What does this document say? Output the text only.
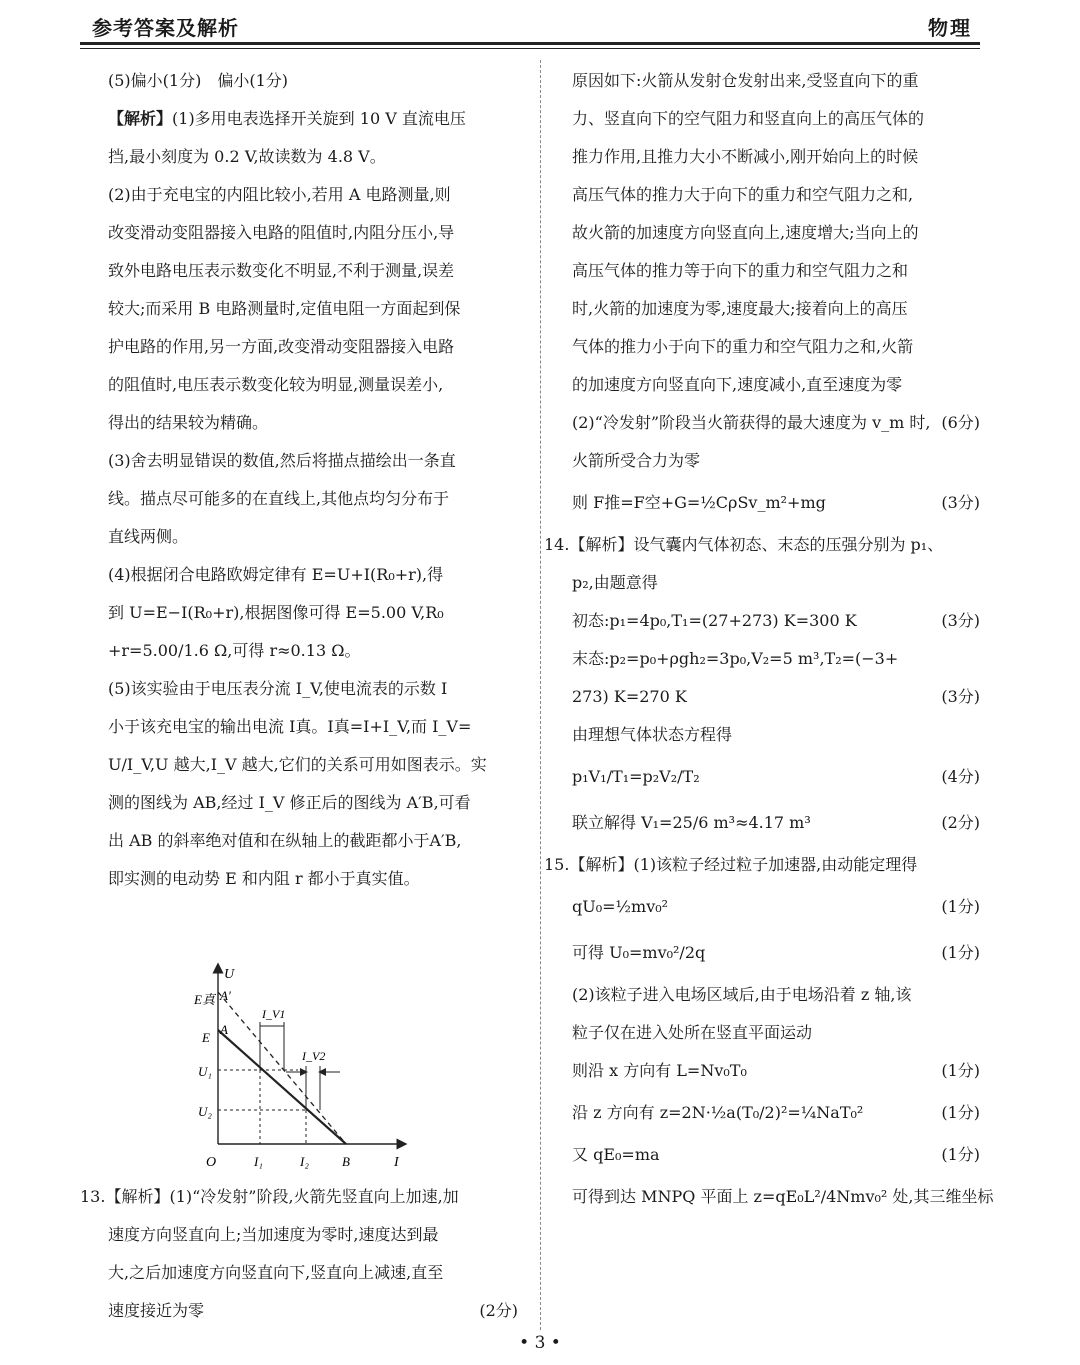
参考答案及解析	物理

(5)偏小(1分)　偏小(1分)

【解析】(1)多用电表选择开关旋到 10 V 直流电压

挡,最小刻度为 0.2 V,故读数为 4.8 V。

(2)由于充电宝的内阻比较小,若用 A 电路测量,则

改变滑动变阻器接入电路的阻值时,内阻分压小,导

致外电路电压表示数变化不明显,不利于测量,误差

较大;而采用 B 电路测量时,定值电阻一方面起到保

护电路的作用,另一方面,改变滑动变阻器接入电路

的阻值时,电压表示数变化较为明显,测量误差小,

得出的结果较为精确。

(3)舍去明显错误的数值,然后将描点描绘出一条直

线。描点尽可能多的在直线上,其他点均匀分布于

直线两侧。

(4)根据闭合电路欧姆定律有 E=U+I(R₀+r),得

到 U=E−I(R₀+r),根据图像可得 E=5.00 V,R₀

+r=5.00/1.6 Ω,可得 r≈0.13 Ω。

(5)该实验由于电压表分流 I_V,使电流表的示数 I

小于该充电宝的输出电流 I真。I真=I+I_V,而 I_V=

U/I_V,U 越大,I_V 越大,它们的关系可用如图表示。实

测的图线为 AB,经过 I_V 修正后的图线为 A′B,可看

出 AB 的斜率绝对值和在纵轴上的截距都小于A′B,

即实测的电动势 E 和内阻 r 都小于真实值。

U
I
O
E真 A′
E
A
U₁
U₂
I₁	I₂	B
I_V1
I_V2

13.【解析】(1)“冷发射”阶段,火箭先竖直向上加速,加

速度方向竖直向上;当加速度为零时,速度达到最

大,之后加速度方向竖直向下,竖直向上减速,直至

速度接近为零	(2分)

原因如下:火箭从发射仓发射出来,受竖直向下的重

力、竖直向下的空气阻力和竖直向上的高压气体的

推力作用,且推力大小不断减小,刚开始向上的时候

高压气体的推力大于向下的重力和空气阻力之和,

故火箭的加速度方向竖直向上,速度增大;当向上的

高压气体的推力等于向下的重力和空气阻力之和

时,火箭的加速度为零,速度最大;接着向上的高压

气体的推力小于向下的重力和空气阻力之和,火箭

的加速度方向竖直向下,速度减小,直至速度为零

(6分)

(2)“冷发射”阶段当火箭获得的最大速度为 v_m 时,

火箭所受合力为零

则 F推=F空+G=½CρSv_m²+mg	(3分)

14.【解析】设气囊内气体初态、末态的压强分别为 p₁、

p₂,由题意得

初态:p₁=4p₀,T₁=(27+273) K=300 K	(3分)

末态:p₂=p₀+ρgh₂=3p₀,V₂=5 m³,T₂=(−3+

273) K=270 K	(3分)

由理想气体状态方程得

p₁V₁/T₁=p₂V₂/T₂	(4分)

联立解得 V₁=25/6 m³≈4.17 m³	(2分)

15.【解析】(1)该粒子经过粒子加速器,由动能定理得

qU₀=½mv₀²	(1分)

可得 U₀=mv₀²/2q	(1分)

(2)该粒子进入电场区域后,由于电场沿着 z 轴,该

粒子仅在进入处所在竖直平面运动

则沿 x 方向有 L=Nv₀T₀	(1分)

沿 z 方向有 z=2N·½a(T₀/2)²=¼NaT₀²	(1分)

又 qE₀=ma	(1分)

可得到达 MNPQ 平面上 z=qE₀L²/4Nmv₀² 处,其三维坐标

• 3 •
